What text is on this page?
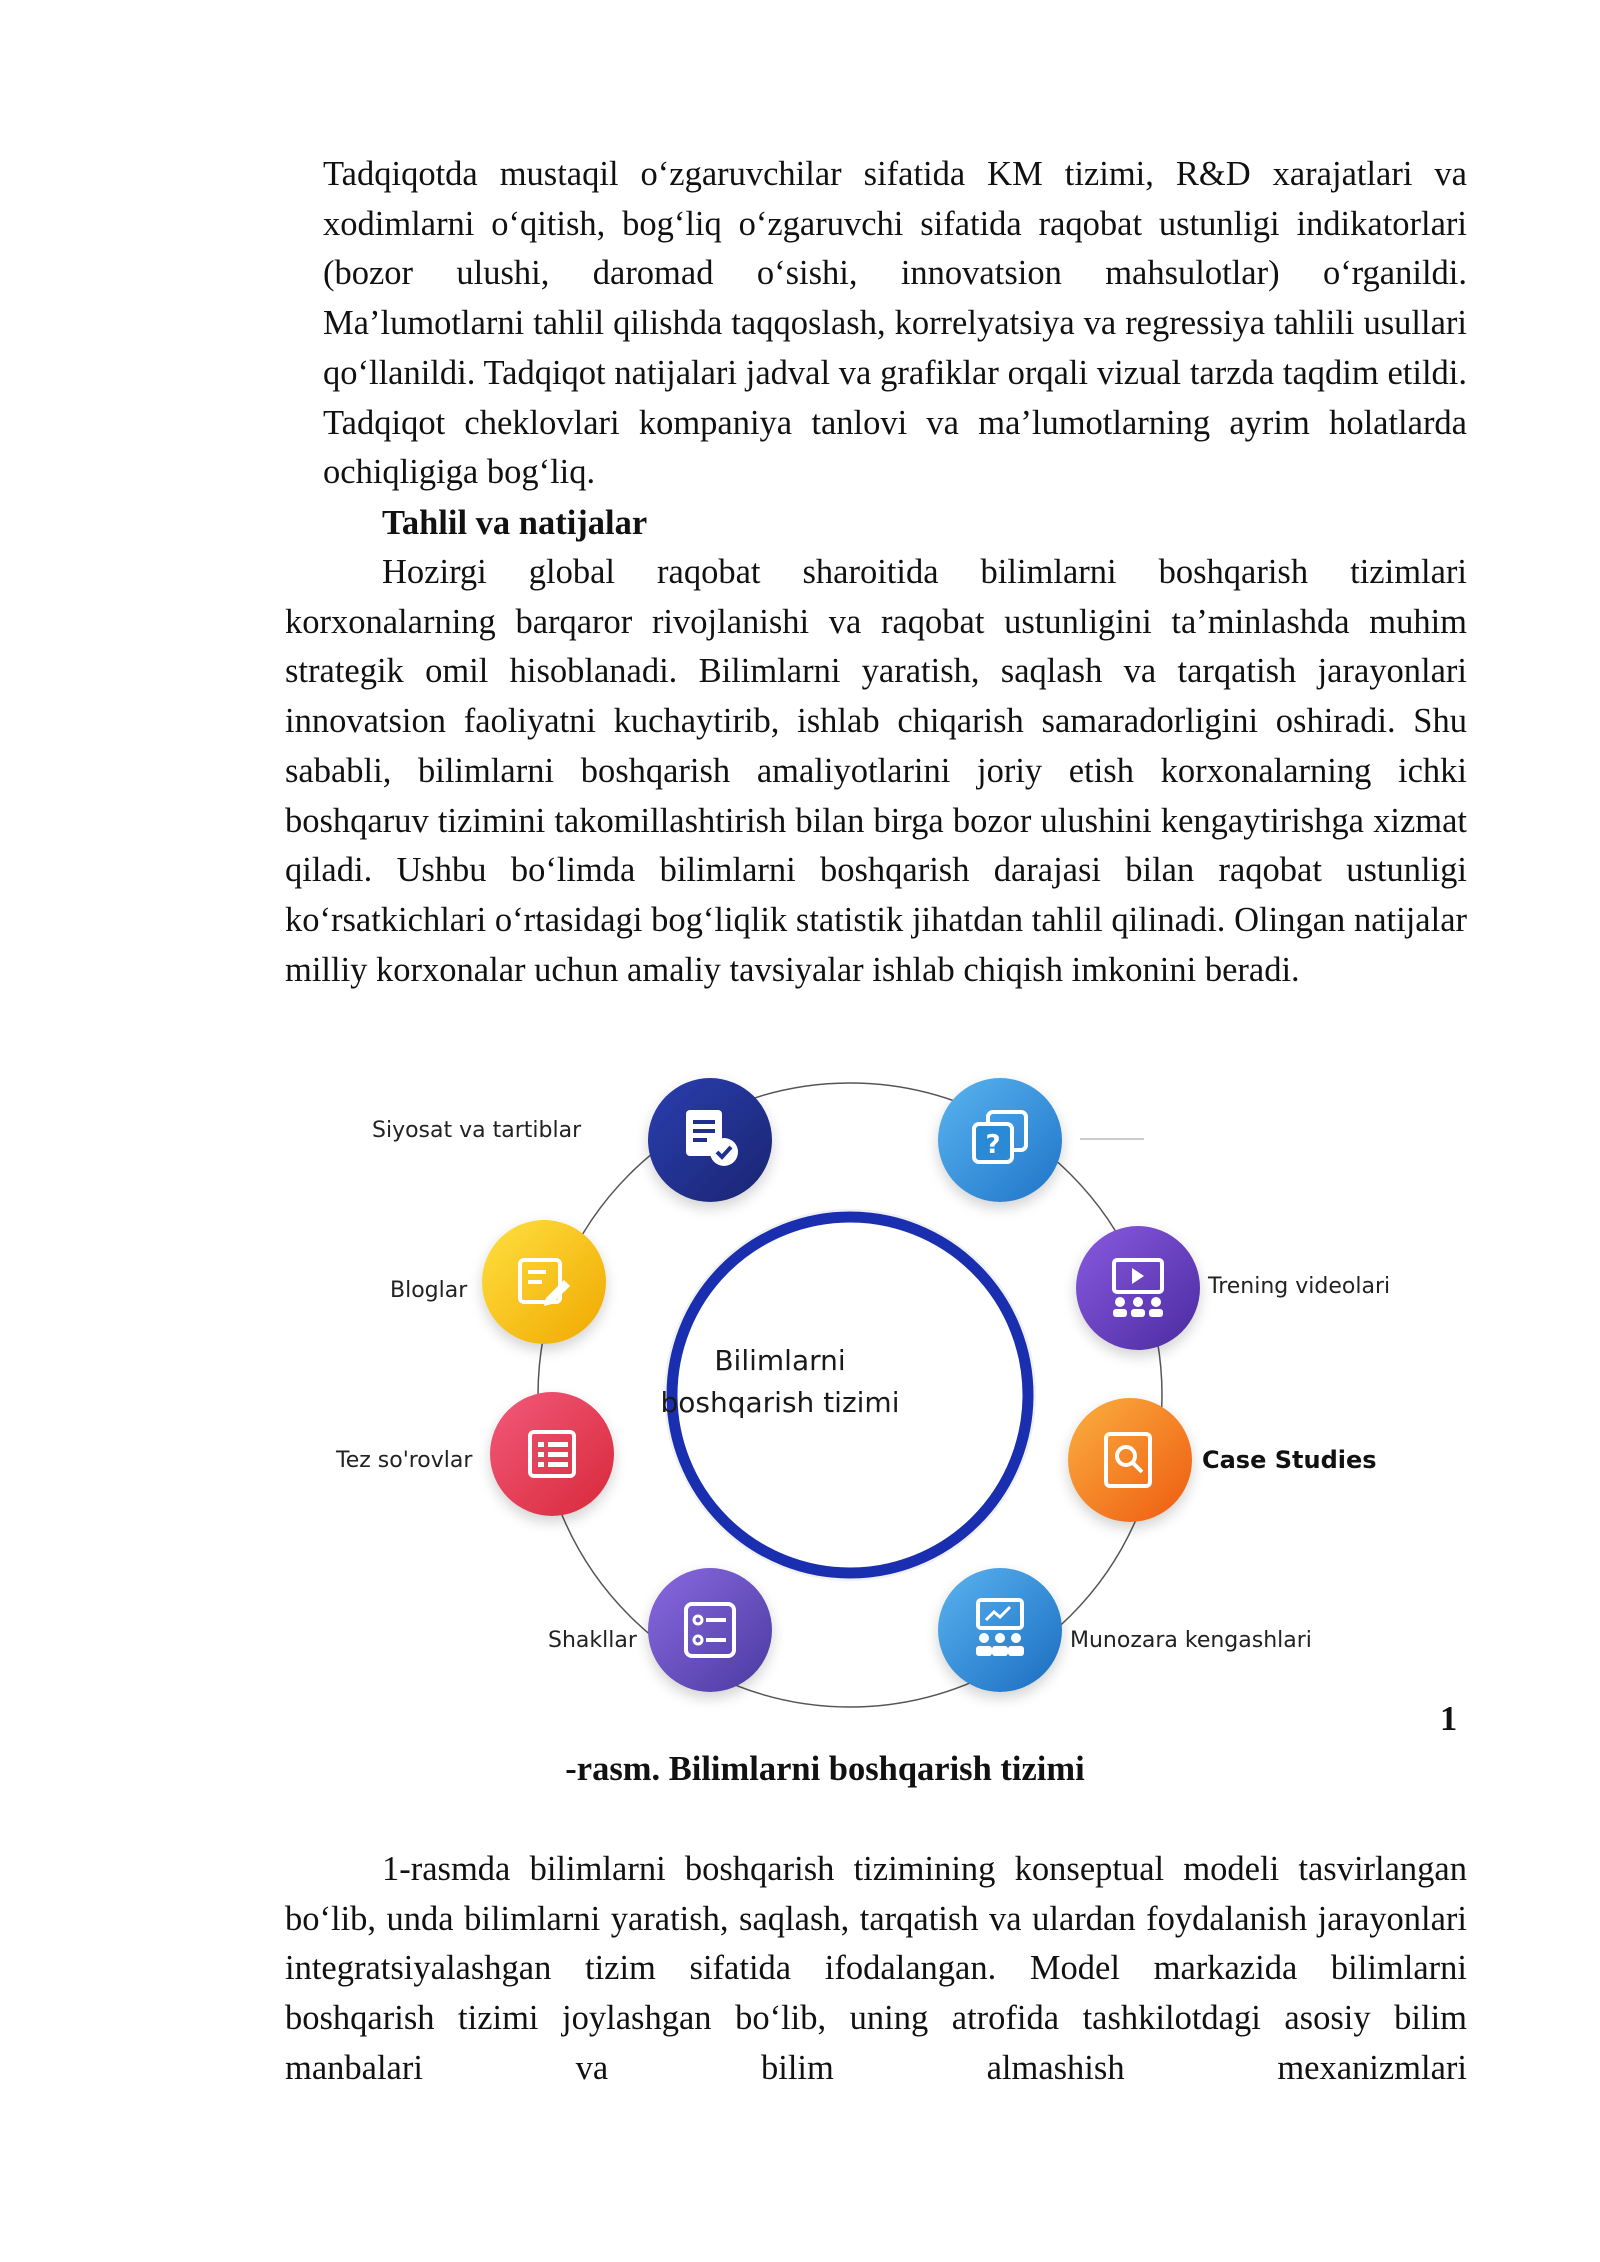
Tadqiqotda mustaqil o‘zgaruvchilar sifatida KM tizimi, R&D xarajatlari va xodimlarni o‘qitish, bog‘liq o‘zgaruvchi sifatida raqobat ustunligi indikatorlari (bozor ulushi, daromad o‘sishi, innovatsion mahsulotlar) o‘rganildi. Ma’lumotlarni tahlil qilishda taqqoslash, korrelyatsiya va regressiya tahlili usullari qo‘llanildi. Tadqiqot natijalari jadval va grafiklar orqali vizual tarzda taqdim etildi. Tadqiqot cheklovlari kompaniya tanlovi va ma’lumotlarning ayrim holatlarda ochiqligiga bog‘liq.

Tahlil va natijalar

Hozirgi global raqobat sharoitida bilimlarni boshqarish tizimlari korxonalarning barqaror rivojlanishi va raqobat ustunligini ta’minlashda muhim strategik omil hisoblanadi. Bilimlarni yaratish, saqlash va tarqatish jarayonlari innovatsion faoliyatni kuchaytirib, ishlab chiqarish samaradorligini oshiradi. Shu sababli, bilimlarni boshqarish amaliyotlarini joriy etish korxonalarning ichki boshqaruv tizimini takomillashtirish bilan birga bozor ulushini kengaytirishga xizmat qiladi. Ushbu bo‘limda bilimlarni boshqarish darajasi bilan raqobat ustunligi ko‘rsatkichlari o‘rtasidagi bog‘liqlik statistik jihatdan tahlil qilinadi. Olingan natijalar milliy korxonalar uchun amaliy tavsiyalar ishlab chiqish imkonini beradi.

Bilimlarni
boshqarish tizimi
?
Siyosat va tartiblar
Bloglar
Tez so'rovlar
Shakllar
Trening videolari
Case Studies
Munozara kengashlari
1
-rasm. Bilimlarni boshqarish tizimi

1-rasmda bilimlarni boshqarish tizimining konseptual modeli tasvirlangan bo‘lib, unda bilimlarni yaratish, saqlash, tarqatish va ulardan foydalanish jarayonlari integratsiyalashgan tizim sifatida ifodalangan. Model markazida bilimlarni boshqarish tizimi joylashgan bo‘lib, uning atrofida tashkilotdagi asosiy bilim manbalari va bilim almashish mexanizmlari
